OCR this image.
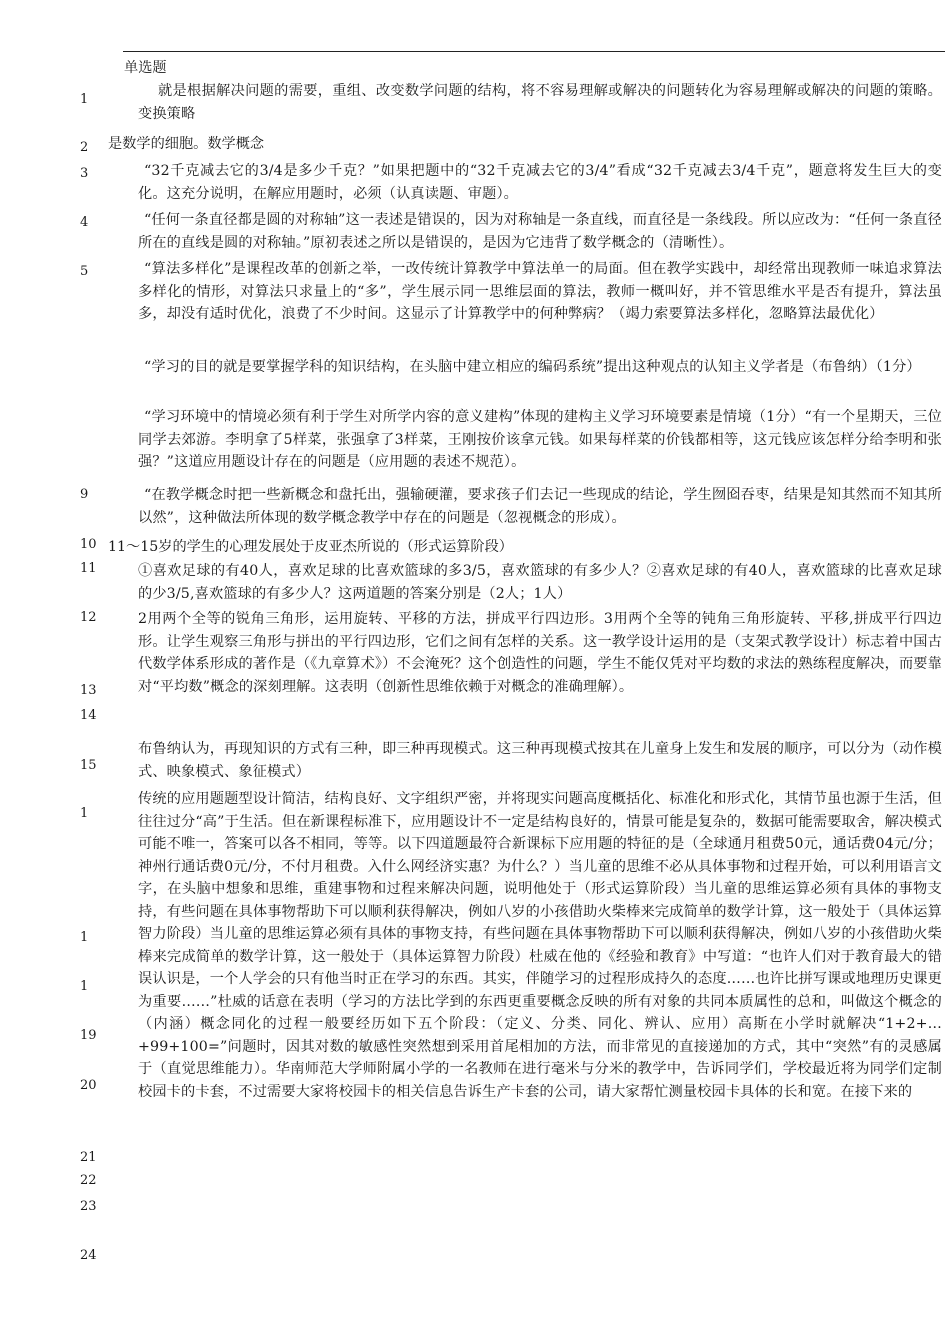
单选题
1
2
3
4
5
9
10
11
12
13
14
15
1
1
1
19
20
21
22
23
24
就是根据解决问题的需要，重组、改变数学问题的结构，将不容易理解或解决的问题转化为容易理解或解决的问题的策略。变换策略
是数学的细胞。数学概念
“32千克减去它的3/4是多少千克？”如果把题中的“32千克减去它的3/4”看成“32千克减去3/4千克”，题意将发生巨大的变化。这充分说明，在解应用题时，必须（认真读题、审题）。
“任何一条直径都是圆的对称轴”这一表述是错误的，因为对称轴是一条直线，而直径是一条线段。所以应改为：“任何一条直径所在的直线是圆的对称轴。”原初表述之所以是错误的，是因为它违背了数学概念的（清晰性）。
“算法多样化”是课程改革的创新之举，一改传统计算教学中算法单一的局面。但在教学实践中，却经常出现教师一味追求算法多样化的情形，对算法只求量上的“多”，学生展示同一思维层面的算法，教师一概叫好，并不管思维水平是否有提升，算法虽多，却没有适时优化，浪费了不少时间。这显示了计算教学中的何种弊病？（竭力索要算法多样化，忽略算法最优化）
“学习的目的就是要掌握学科的知识结构，在头脑中建立相应的编码系统”提出这种观点的认知主义学者是（布鲁纳）（1分）
“学习环境中的情境必须有利于学生对所学内容的意义建构”体现的建构主义学习环境要素是情境（1分）“有一个星期天，三位同学去郊游。李明拿了5样菜，张强拿了3样菜，王刚按价该拿元钱。如果每样菜的价钱都相等，这元钱应该怎样分给李明和张强？”这道应用题设计存在的问题是（应用题的表述不规范）。
“在教学概念时把一些新概念和盘托出，强输硬灌，要求孩子们去记一些现成的结论，学生囫囵吞枣，结果是知其然而不知其所以然”，这种做法所体现的数学概念教学中存在的问题是（忽视概念的形成）。
11〜15岁的学生的心理发展处于皮亚杰所说的（形式运算阶段）
①喜欢足球的有40人，喜欢足球的比喜欢篮球的多3/5，喜欢篮球的有多少人？②喜欢足球的有40人，喜欢篮球的比喜欢足球的少3/5,喜欢篮球的有多少人？这两道题的答案分别是（2人；1人）
2用两个全等的锐角三角形，运用旋转、平移的方法，拼成平行四边形。3用两个全等的钝角三角形旋转、平移,拼成平行四边形。让学生观察三角形与拼出的平行四边形，它们之间有怎样的关系。这一教学设计运用的是（支架式教学设计）标志着中国古代数学体系形成的著作是（《九章算术》）不会淹死？这个创造性的问题，学生不能仅凭对平均数的求法的熟练程度解决，而要靠对“平均数”概念的深刻理解。这表明（创新性思维依赖于对概念的准确理解）。
布鲁纳认为，再现知识的方式有三种，即三种再现模式。这三种再现模式按其在儿童身上发生和发展的顺序，可以分为（动作模式、映象模式、象征模式）
传统的应用题题型设计简洁，结构良好、文字组织严密，并将现实问题高度概括化、标准化和形式化，其情节虽也源于生活，但往往过分“高”于生活。但在新课程标准下，应用题设计不一定是结构良好的，情景可能是复杂的，数据可能需要取舍，解决模式可能不唯一，答案可以各不相同，等等。以下四道题最符合新课标下应用题的特征的是（全球通月租费50元，通话费04元/分；神州行通话费0元/分，不付月租费。入什么网经济实惠？为什么？）当儿童的思维不必从具体事物和过程开始，可以利用语言文字，在头脑中想象和思维，重建事物和过程来解决问题，说明他处于（形式运算阶段）当儿童的思维运算必须有具体的事物支持，有些问题在具体事物帮助下可以顺利获得解决，例如八岁的小孩借助火柴棒来完成简单的数学计算，这一般处于（具体运算智力阶段）当儿童的思维运算必须有具体的事物支持，有些问题在具体事物帮助下可以顺利获得解决，例如八岁的小孩借助火柴棒来完成简单的数学计算，这一般处于（具体运算智力阶段）杜威在他的《经验和教育》中写道：“也许人们对于教育最大的错误认识是，一个人学会的只有他当时正在学习的东西。其实，伴随学习的过程形成持久的态度……也许比拼写课或地理历史课更为重要……”杜威的话意在表明（学习的方法比学到的东西更重要概念反映的所有对象的共同本质属性的总和，叫做这个概念的（内涵）概念同化的过程一般要经历如下五个阶段：（定义、分类、同化、辨认、应用）高斯在小学时就解决“1+2+…+99+100=”问题时，因其对数的敏感性突然想到采用首尾相加的方法，而非常见的直接递加的方式，其中“突然”有的灵感属于（直觉思维能力）。华南师范大学师附属小学的一名教师在进行毫米与分米的教学中，告诉同学们，学校最近将为同学们定制校园卡的卡套，不过需要大家将校园卡的相关信息告诉生产卡套的公司，请大家帮忙测量校园卡具体的长和宽。在接下来的
